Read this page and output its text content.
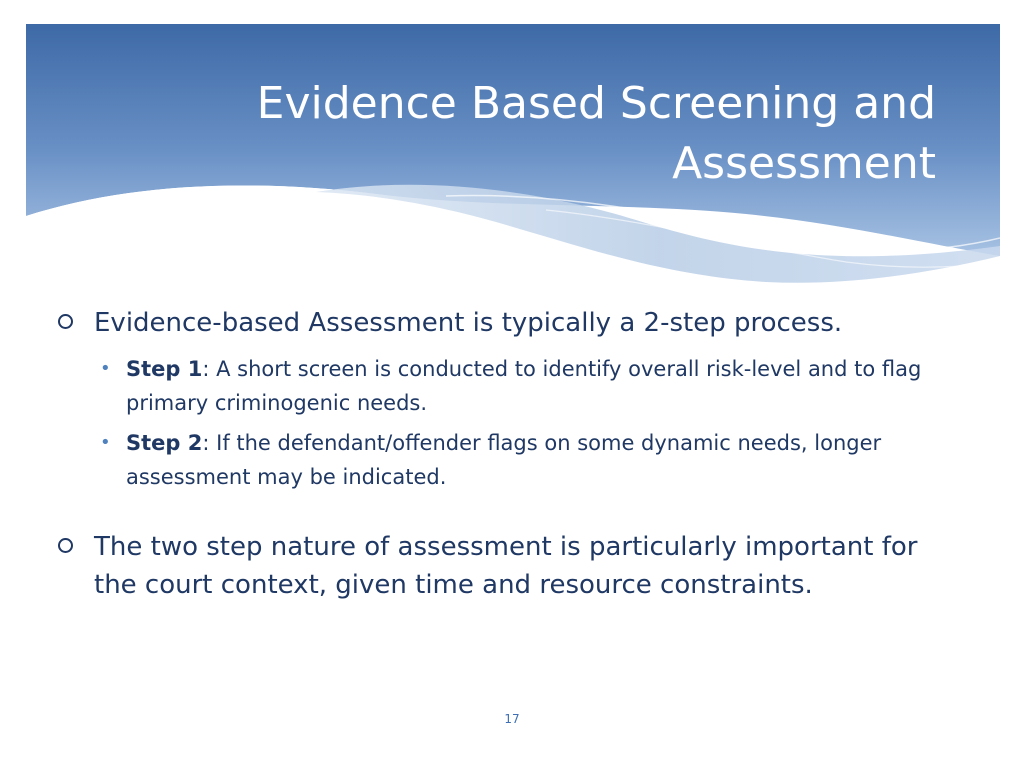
Evidence Based Screening and Assessment

Evidence-based Assessment is typically a 2-step process.

• Step 1: A short screen is conducted to identify overall risk-level and to flag primary criminogenic needs.

• Step 2: If the defendant/offender flags on some dynamic needs, longer assessment may be indicated.

The two step nature of assessment is particularly important for the court context, given time and resource constraints.

17
